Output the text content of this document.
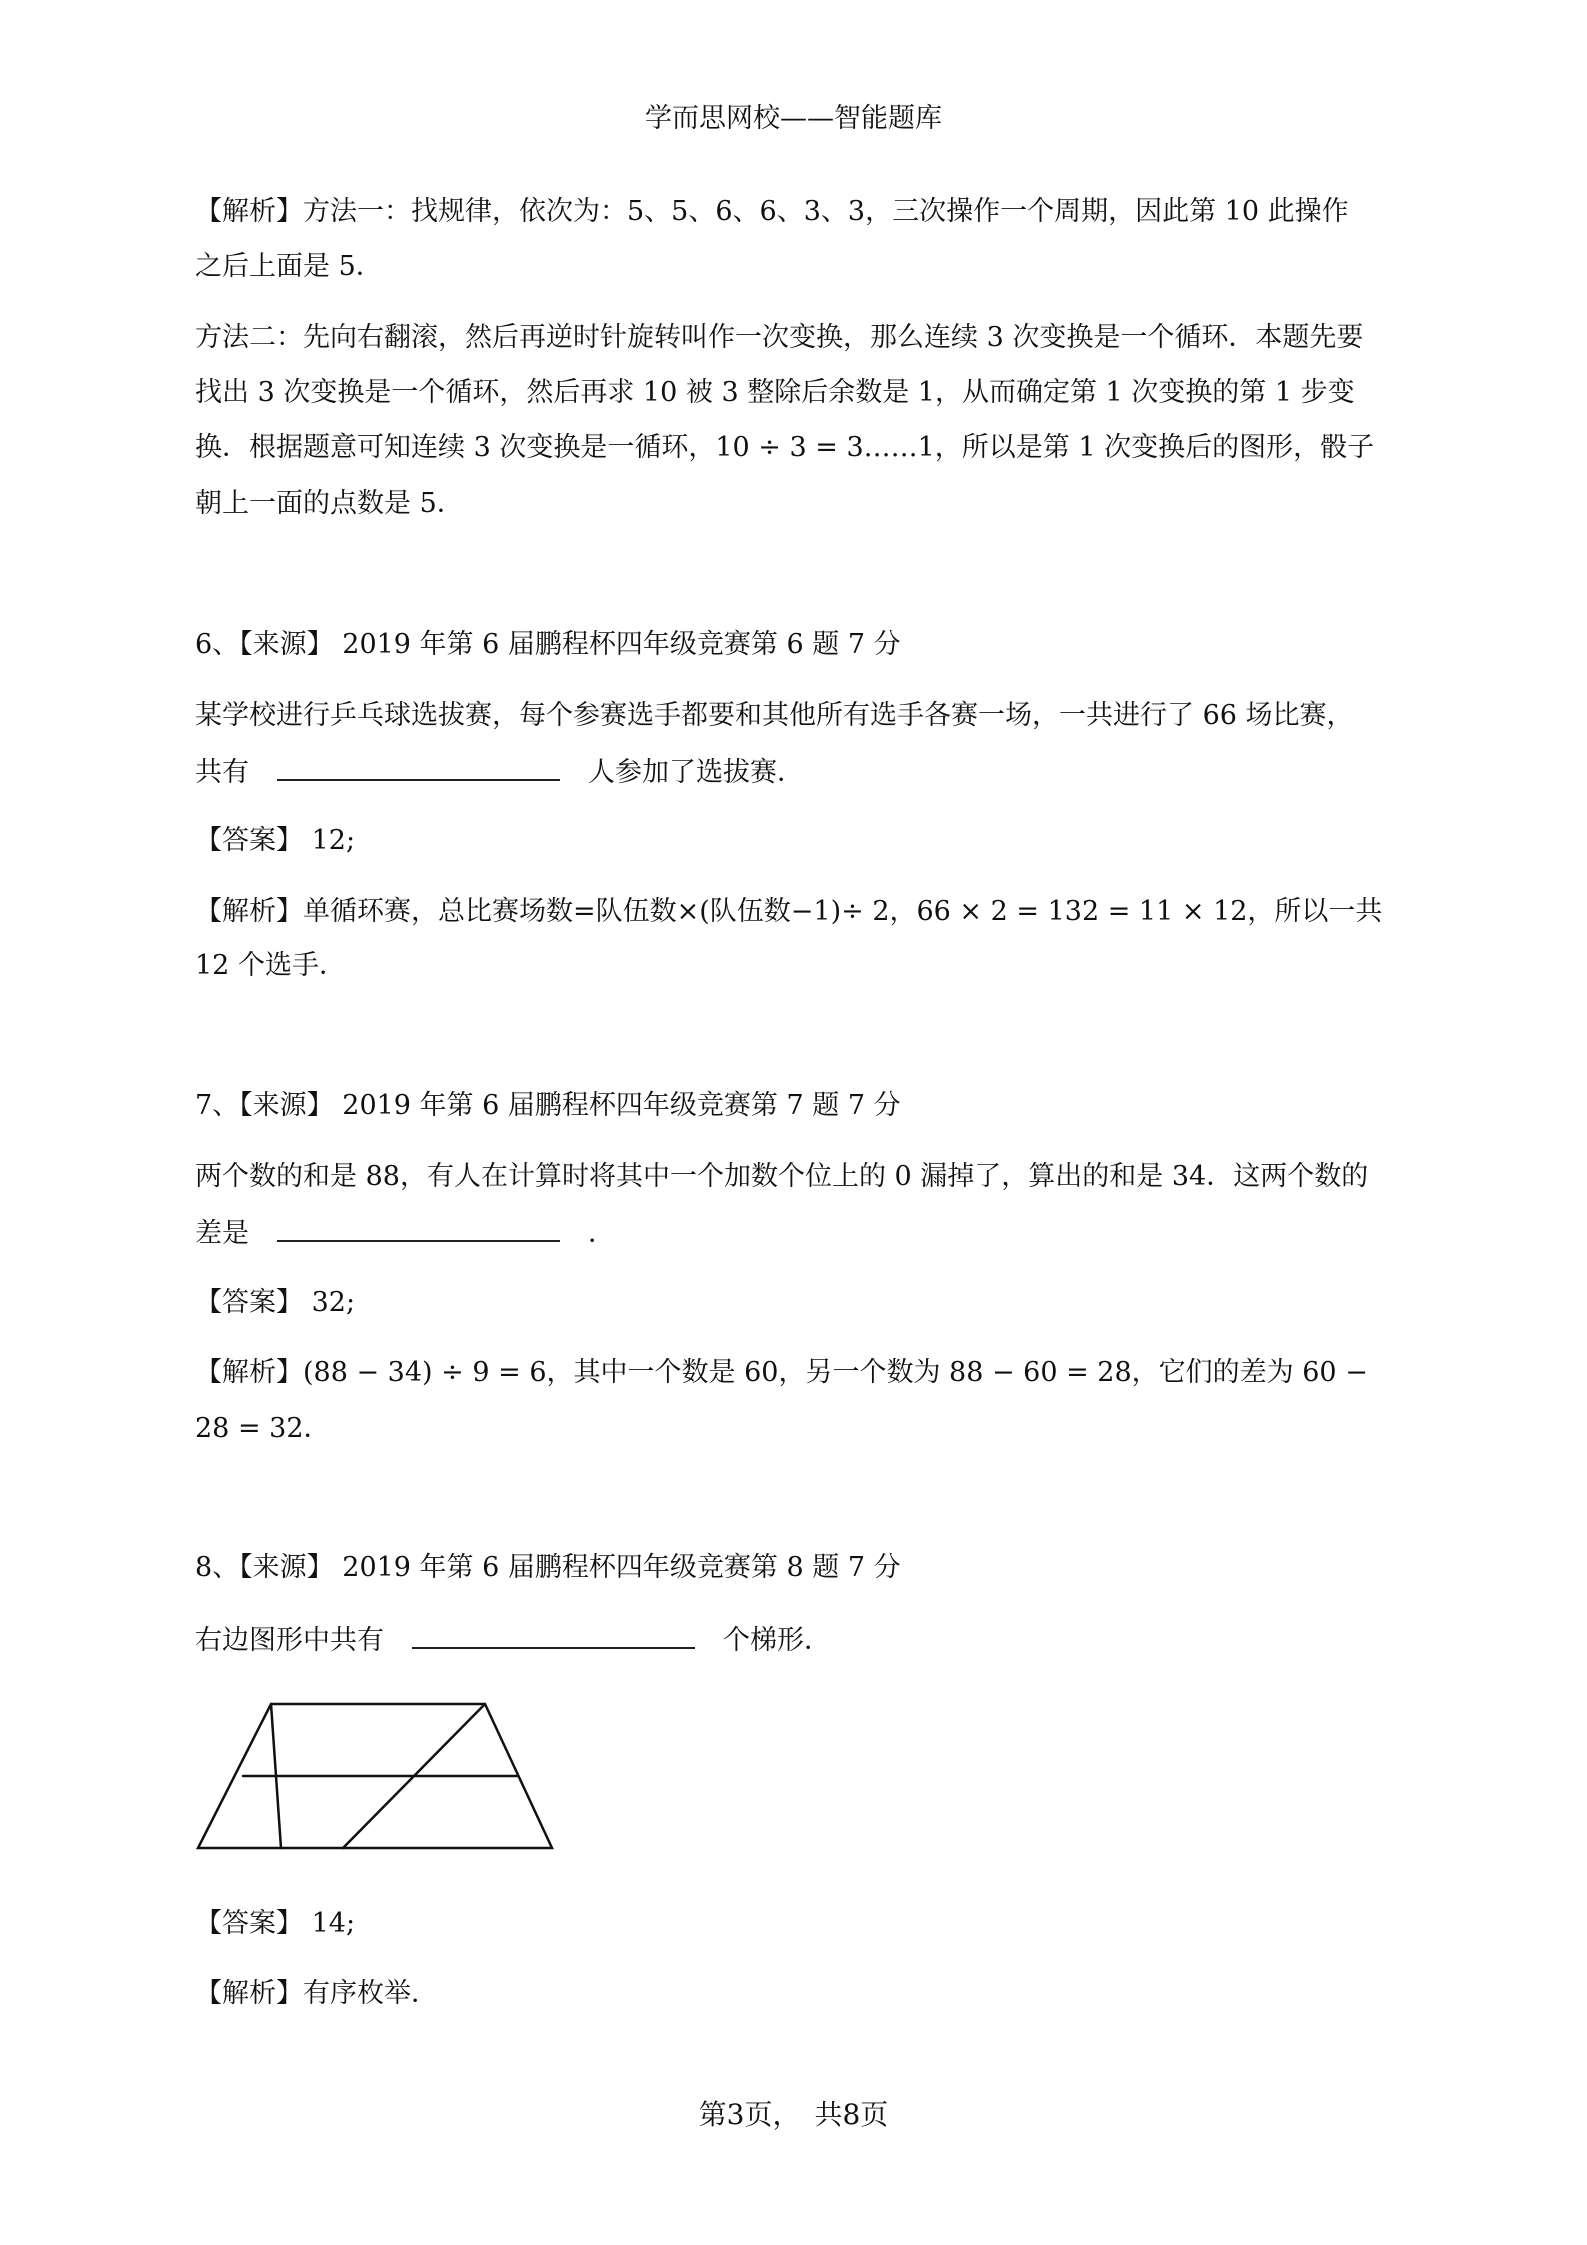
学而思网校——智能题库

【解析】方法一：找规律，依次为：5、5、6、6、3、3，三次操作一个周期，因此第 10 此操作

之后上面是 5．

方法二：先向右翻滚，然后再逆时针旋转叫作一次变换，那么连续 3 次变换是一个循环．本题先要

找出 3 次变换是一个循环，然后再求 10 被 3 整除后余数是 1，从而确定第 1 次变换的第 1 步变

换．根据题意可知连续 3 次变换是一循环，10 ÷ 3 = 3……1，所以是第 1 次变换后的图形，骰子

朝上一面的点数是 5．

6、【来源】 2019 年第 6 届鹏程杯四年级竞赛第 6 题 7 分

某学校进行乒乓球选拔赛，每个参赛选手都要和其他所有选手各赛一场，一共进行了 66 场比赛，

共有	人参加了选拔赛．

【答案】 12;

【解析】单循环赛，总比赛场数=队伍数×(队伍数−1)÷ 2，66 × 2 = 132 = 11 × 12，所以一共

12 个选手．

7、【来源】 2019 年第 6 届鹏程杯四年级竞赛第 7 题 7 分

两个数的和是 88，有人在计算时将其中一个加数个位上的 0 漏掉了，算出的和是 34．这两个数的

差是	．

【答案】 32;

【解析】(88 − 34) ÷ 9 = 6，其中一个数是 60，另一个数为 88 − 60 = 28，它们的差为 60 −

28 = 32．

8、【来源】 2019 年第 6 届鹏程杯四年级竞赛第 8 题 7 分

右边图形中共有	个梯形．

【答案】 14;

【解析】有序枚举．

第3页，　共8页
